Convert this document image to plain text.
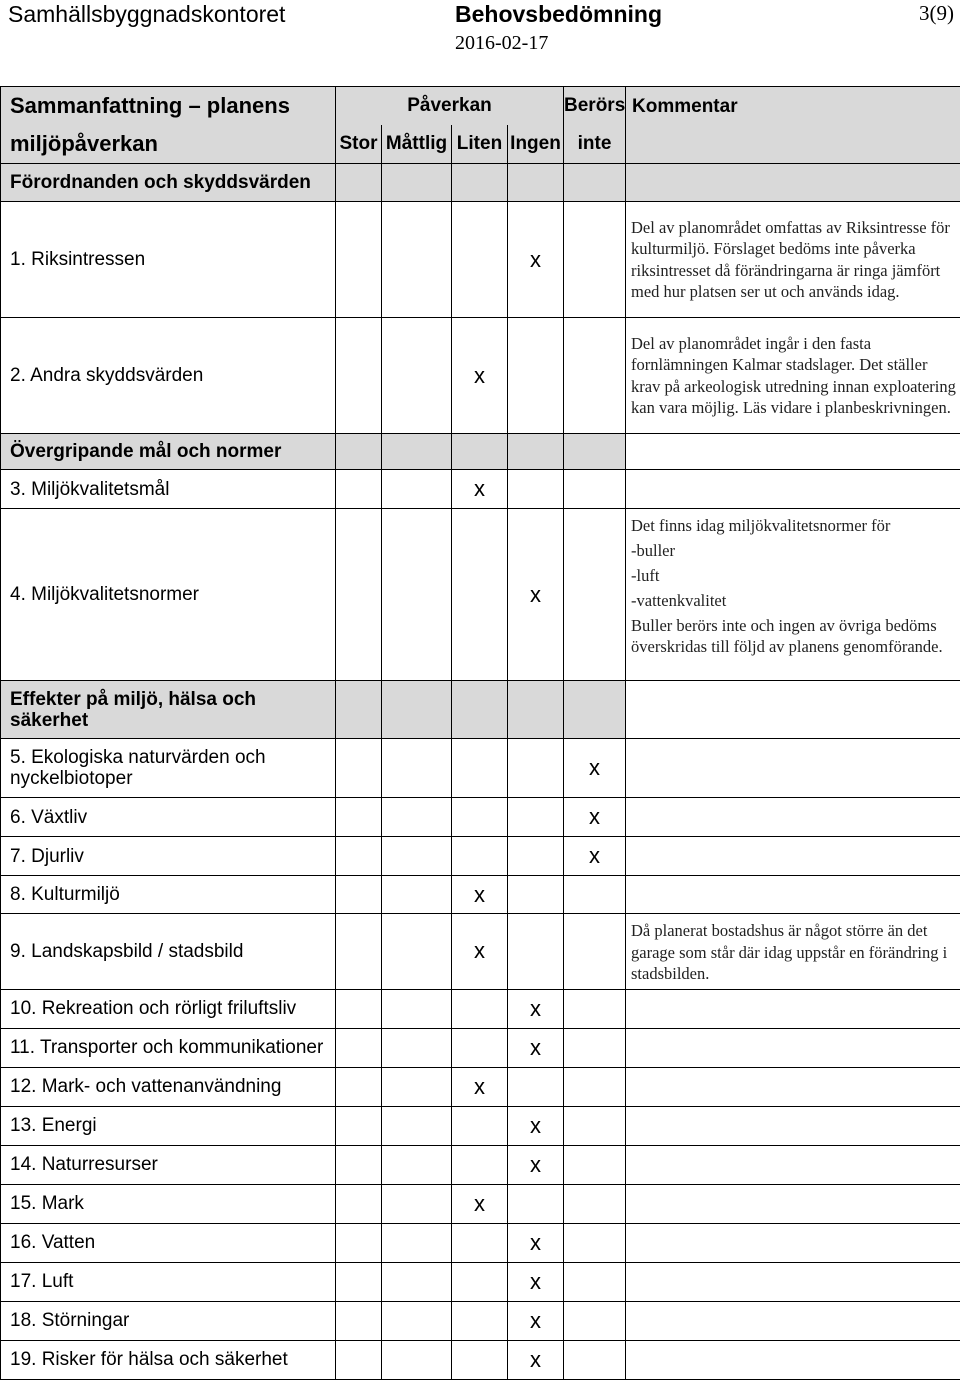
Samhällsbyggnadskontoret	Behovsbedömning	3(9)
2016-02-17
Sammanfattning – planens
miljöpåverkan	Påverkan				Berörs	Kommentar
	Stor	Måttlig	Liten	Ingen	inte	
Förordnanden och skyddsvärden						
1. Riksintressen				x		Del av planområdet omfattas av Riksintresse för kulturmiljö. Förslaget bedöms inte påverka riksintresset då förändringarna är ringa jämfört med hur platsen ser ut och används idag.
2. Andra skyddsvärden			x			Del av planområdet ingår i den fasta fornlämningen Kalmar stadslager. Det ställer krav på arkeologisk utredning innan exploatering kan vara möjlig. Läs vidare i planbeskrivningen.
Övergripande mål och normer						
3. Miljökvalitetsmål			x			
4. Miljökvalitetsnormer				x		Det finns idag miljökvalitetsnormer för

-buller

-luft

-vattenkvalitet

Buller berörs inte och ingen av övriga bedöms överskridas till följd av planens genomförande.

Effekter på miljö, hälsa och
säkerhet						

5. Ekologiska naturvärden och
nyckelbiotoper					x	
6. Växtliv					x	
7. Djurliv					x	
8. Kulturmiljö			x			
9. Landskapsbild / stadsbild			x			Då planerat bostadshus är något större än det garage som står där idag uppstår en förändring i stadsbilden.
10. Rekreation och rörligt friluftsliv				x		
11. Transporter och kommunikationer				x		
12. Mark- och vattenanvändning			x			
13. Energi				x		
14. Naturresurser				x		
15. Mark			x			
16. Vatten				x		
17. Luft				x		
18. Störningar				x		
19. Risker för hälsa och säkerhet				x		
